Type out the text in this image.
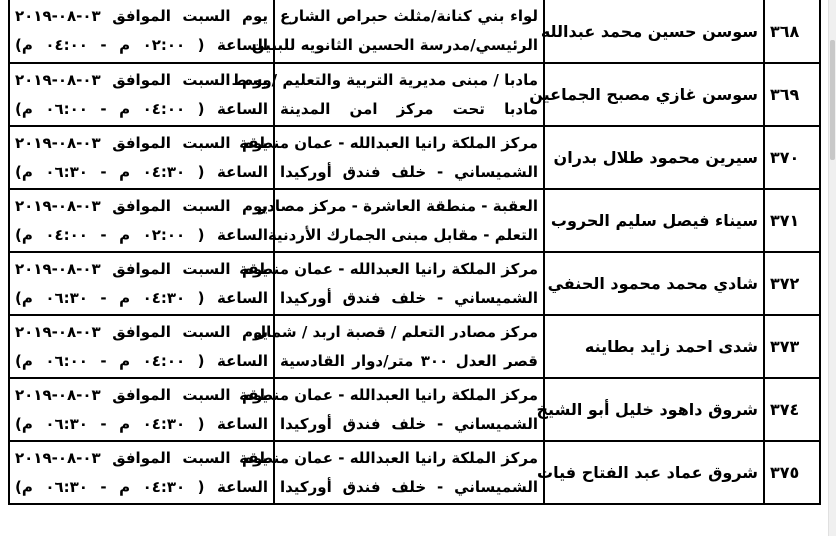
٣٦٨	سوسن حسين محمد عبدالله	لواء بني كنانة/مثلث حبراص الشارع
الرئيسي/مدرسة الحسين الثانويه للبنين	يوم السبت الموافق ٠٣-٠٨-٢٠١٩
الساعة ( ٠٢:٠٠ م - ٠٤:٠٠ م)

٣٦٩	سوسن غازي مصبح الجماعين	مادبا / مبنى مديرية التربية والتعليم /وسط
مادبا تحت مركز امن المدينة	يوم السبت الموافق ٠٣-٠٨-٢٠١٩
الساعة ( ٠٤:٠٠ م - ٠٦:٠٠ م)

٣٧٠	سيرين محمود طلال بدران	مركز الملكة رانيا العبدالله - عمان منطقة
الشميساني - خلف فندق أوركيدا	يوم السبت الموافق ٠٣-٠٨-٢٠١٩
الساعة ( ٠٤:٣٠ م - ٠٦:٣٠ م)

٣٧١	سيناء فيصل سليم الحروب	العقبة - منطقة العاشرة - مركز مصادر
التعلم - مقابل مبنى الجمارك الأردنية	يوم السبت الموافق ٠٣-٠٨-٢٠١٩
الساعة ( ٠٢:٠٠ م - ٠٤:٠٠ م)

٣٧٢	شادي محمد محمود الحنفي	مركز الملكة رانيا العبدالله - عمان منطقة
الشميساني - خلف فندق أوركيدا	يوم السبت الموافق ٠٣-٠٨-٢٠١٩
الساعة ( ٠٤:٣٠ م - ٠٦:٣٠ م)

٣٧٣	شدى احمد زايد بطاينه	مركز مصادر التعلم / قصبة اربد / شمال
قصر العدل ٣٠٠ متر/دوار القادسية	يوم السبت الموافق ٠٣-٠٨-٢٠١٩
الساعة ( ٠٤:٠٠ م - ٠٦:٠٠ م)

٣٧٤	شروق داهود خليل أبو الشيخ	مركز الملكة رانيا العبدالله - عمان منطقة
الشميساني - خلف فندق أوركيدا	يوم السبت الموافق ٠٣-٠٨-٢٠١٩
الساعة ( ٠٤:٣٠ م - ٠٦:٣٠ م)

٣٧٥	شروق عماد عبد الفتاح فيات	مركز الملكة رانيا العبدالله - عمان منطقة
الشميساني - خلف فندق أوركيدا	يوم السبت الموافق ٠٣-٠٨-٢٠١٩
الساعة ( ٠٤:٣٠ م - ٠٦:٣٠ م)
